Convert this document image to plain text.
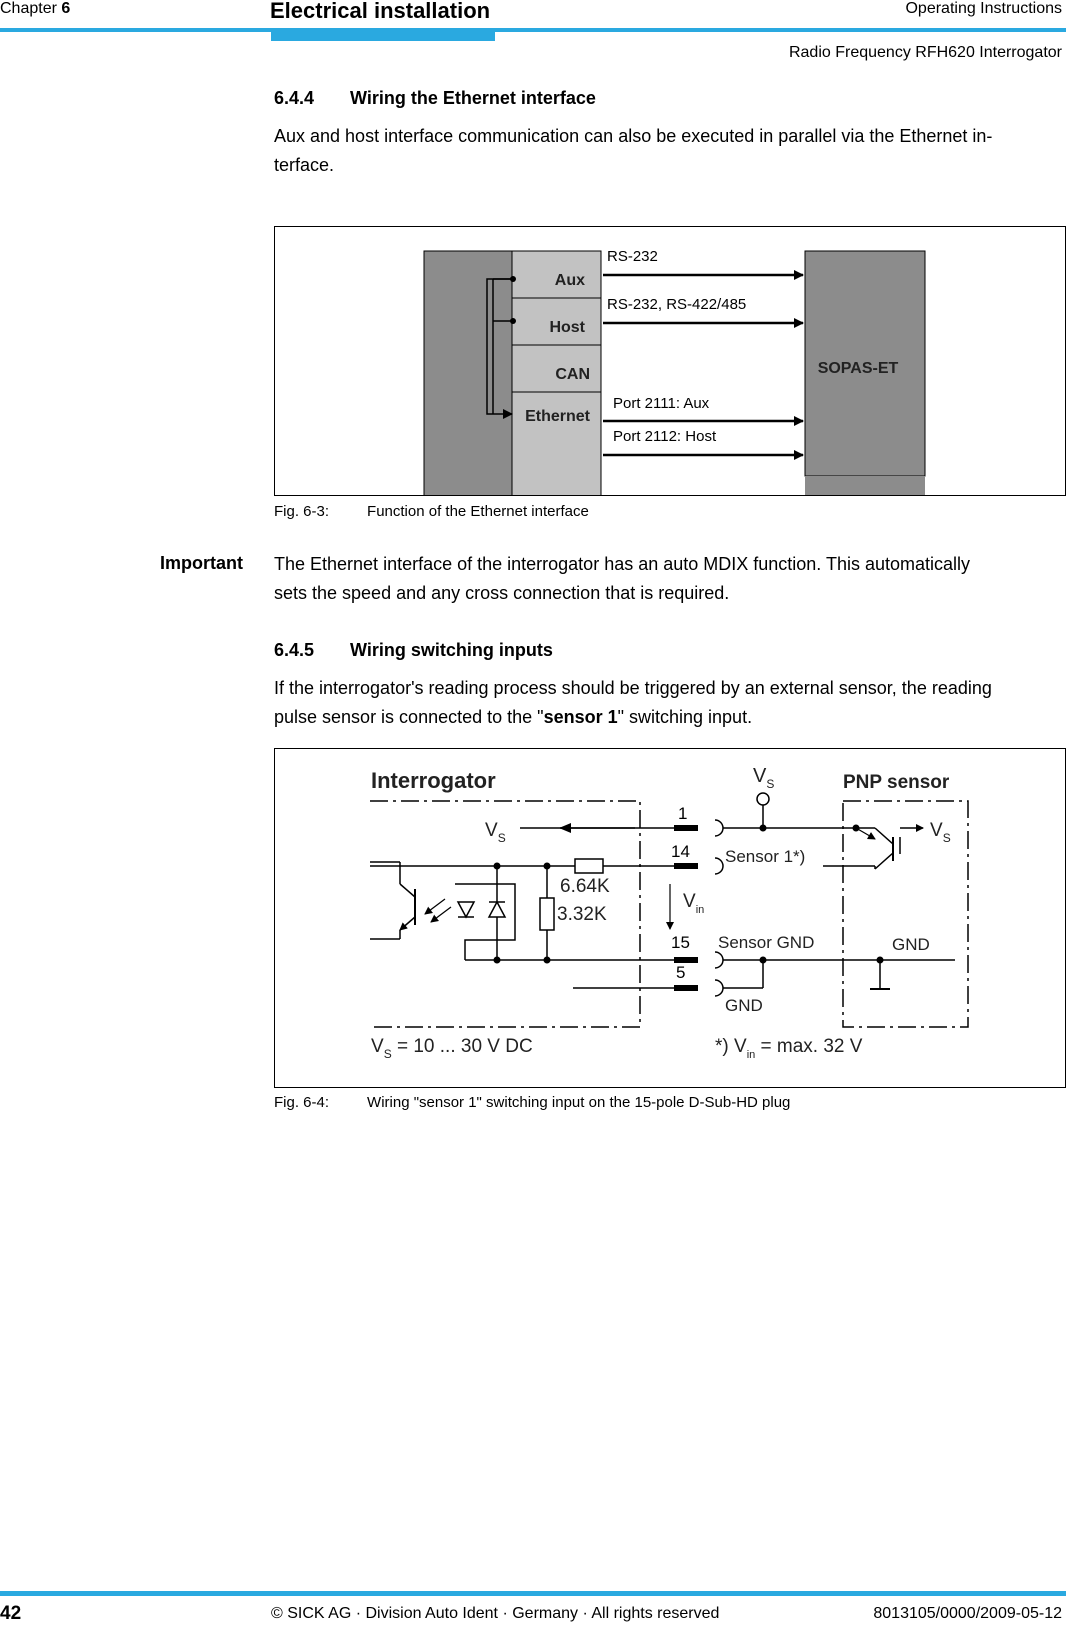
Chapter 6	Electrical installation	Operating Instructions
Radio Frequency RFH620 Interrogator
6.4.4 Wiring the Ethernet interface
Aux and host interface communication can also be executed in parallel via the Ethernet in-
terface.
Aux
Host
CAN
Ethernet
SOPAS-ET
RS-232
RS-232, RS-422/485
Port 2111: Aux
Port 2112: Host
Fig. 6-3:	Function of the Ethernet interface
Important The Ethernet interface of the interrogator has an auto MDIX function. This automatically
sets the speed and any cross connection that is required.
6.4.5 Wiring switching inputs
If the interrogator's reading process should be triggered by an external sensor, the reading
pulse sensor is connected to the "sensor 1" switching input.
Interrogator	PNP sensor
$V_S$
1
14
15
5
$V_S$
6.64K
3.32K
$V_{in}$
$V_S$
Sensor 1*)
Sensor GND	GND
GND
$V_S = 10$ ... 30 V DC	*) $V_{in} = \max$. 32 V
Fig. 6-4:	Wiring "sensor 1" switching input on the 15-pole D-Sub-HD plug
42	© SICK AG · Division Auto Ident · Germany · All rights reserved	8013105/0000/2009-05-12
